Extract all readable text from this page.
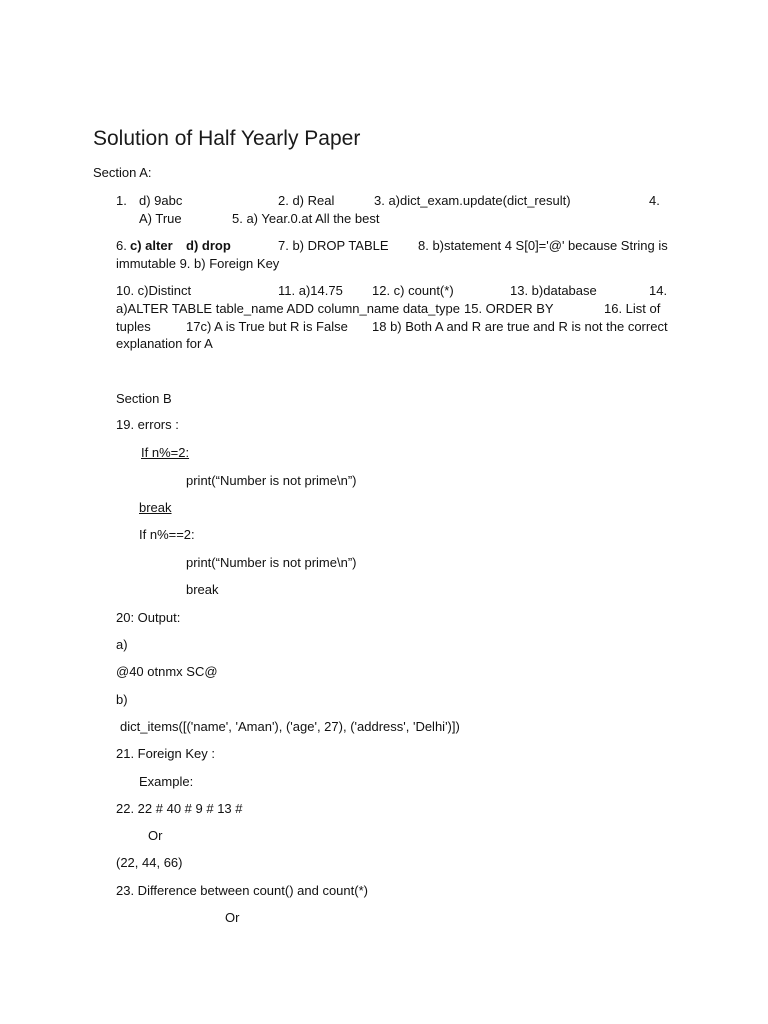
Solution of Half Yearly Paper
Section A:
1. d) 9abc	2. d) Real	3. a)dict_exam.update(dict_result)	4.
A) True	5. a) Year.0.at All the best
6. c) alter d) drop	7. b) DROP TABLE 8. b)statement 4 S[0]='@' because String is
immutable 9. b) Foreign Key
10. c)Distinct	11. a)14.75 12. c) count(*)	13. b)database	14.
a)ALTER TABLE table_name ADD column_name data_type 15. ORDER BY	16. List of
tuples	17c) A is True but R is False 18 b) Both A and R are true and R is not the correct
explanation for A
Section B
19. errors :
If n%=2:
print(“Number is not prime\n”)
break
If n%==2:
print(“Number is not prime\n”)
break
20: Output:
a)
@40 otnmx SC@
b)
dict_items([('name', 'Aman'), ('age', 27), ('address', 'Delhi')])
21. Foreign Key :
Example:
22. 22 # 40 # 9 # 13 #
Or
(22, 44, 66)
23. Difference between count() and count(*)
Or
